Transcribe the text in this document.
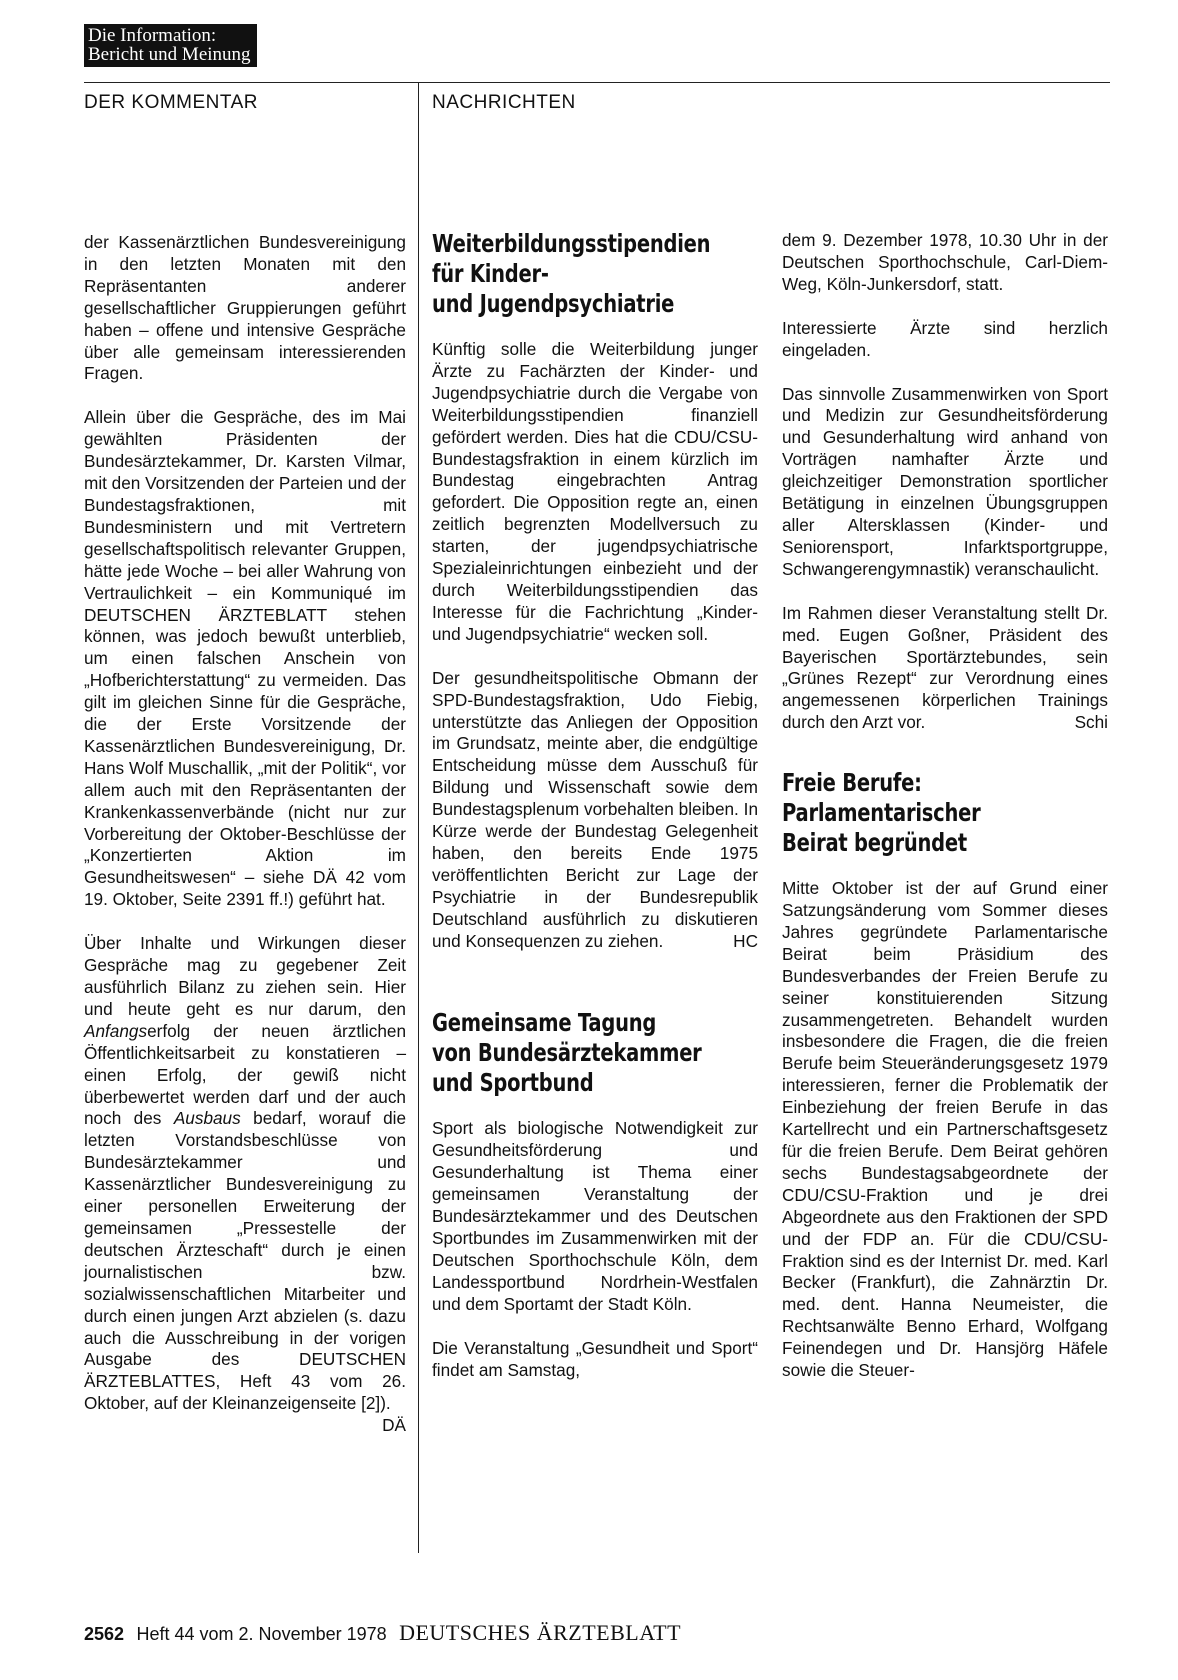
Die Information:
Bericht und Meinung
DER KOMMENTAR	NACHRICHTEN

der Kassenärztlichen Bundesvereinigung in den letzten Monaten mit den Repräsentanten anderer gesellschaftlicher Gruppierungen geführt haben – offene und intensive Gespräche über alle gemeinsam interessierenden Fragen.

Allein über die Gespräche, des im Mai gewählten Präsidenten der Bundesärztekammer, Dr. Karsten Vilmar, mit den Vorsitzenden der Parteien und der Bundestagsfraktionen, mit Bundesministern und mit Vertretern gesellschaftspolitisch relevanter Gruppen, hätte jede Woche – bei aller Wahrung von Vertraulichkeit – ein Kommuniqué im DEUTSCHEN ÄRZTEBLATT stehen können, was jedoch bewußt unterblieb, um einen falschen Anschein von „Hofberichterstattung“ zu vermeiden. Das gilt im gleichen Sinne für die Gespräche, die der Erste Vorsitzende der Kassenärztlichen Bundesvereinigung, Dr. Hans Wolf Muschallik, „mit der Politik“, vor allem auch mit den Repräsentanten der Krankenkassenverbände (nicht nur zur Vorbereitung der Oktober-Beschlüsse der „Konzertierten Aktion im Gesundheitswesen“ – siehe DÄ 42 vom 19. Oktober, Seite 2391 ff.!) geführt hat.

Über Inhalte und Wirkungen dieser Gespräche mag zu gegebener Zeit ausführlich Bilanz zu ziehen sein. Hier und heute geht es nur darum, den Anfangserfolg der neuen ärztlichen Öffentlichkeitsarbeit zu konstatieren – einen Erfolg, der gewiß nicht überbewertet werden darf und der auch noch des Ausbaus bedarf, worauf die letzten Vorstandsbeschlüsse von Bundesärztekammer und Kassenärztlicher Bundesvereinigung zu einer personellen Erweiterung der gemeinsamen „Pressestelle der deutschen Ärzteschaft“ durch je einen journalistischen bzw. sozialwissenschaftlichen Mitarbeiter und durch einen jungen Arzt abzielen (s. dazu auch die Ausschreibung in der vorigen Ausgabe des DEUTSCHEN ÄRZTEBLATTES, Heft 43 vom 26. Oktober, auf der Kleinanzeigenseite [2]).
DÄ

Weiterbildungsstipendien
für Kinder-
und Jugendpsychiatrie

Künftig solle die Weiterbildung junger Ärzte zu Fachärzten der Kinder- und Jugendpsychiatrie durch die Vergabe von Weiterbildungsstipendien finanziell gefördert werden. Dies hat die CDU/CSU-Bundestagsfraktion in einem kürzlich im Bundestag eingebrachten Antrag gefordert. Die Opposition regte an, einen zeitlich begrenzten Modellversuch zu starten, der jugendpsychiatrische Spezialeinrichtungen einbezieht und der durch Weiterbildungsstipendien das Interesse für die Fachrichtung „Kinder- und Jugendpsychiatrie“ wecken soll.

Der gesundheitspolitische Obmann der SPD-Bundestagsfraktion, Udo Fiebig, unterstützte das Anliegen der Opposition im Grundsatz, meinte aber, die endgültige Entscheidung müsse dem Ausschuß für Bildung und Wissenschaft sowie dem Bundestagsplenum vorbehalten bleiben. In Kürze werde der Bundestag Gelegenheit haben, den bereits Ende 1975 veröffentlichten Bericht zur Lage der Psychiatrie in der Bundesrepublik Deutschland ausführlich zu diskutieren und Konsequenzen zu ziehen.	HC

Gemeinsame Tagung
von Bundesärztekammer
und Sportbund

Sport als biologische Notwendigkeit zur Gesundheitsförderung und Gesunderhaltung ist Thema einer gemeinsamen Veranstaltung der Bundesärztekammer und des Deutschen Sportbundes im Zusammenwirken mit der Deutschen Sporthochschule Köln, dem Landessportbund Nordrhein-Westfalen und dem Sportamt der Stadt Köln.

Die Veranstaltung „Gesundheit und Sport“ findet am Samstag,

dem 9. Dezember 1978, 10.30 Uhr in der Deutschen Sporthochschule, Carl-Diem-Weg, Köln-Junkersdorf, statt.

Interessierte Ärzte sind herzlich eingeladen.

Das sinnvolle Zusammenwirken von Sport und Medizin zur Gesundheitsförderung und Gesunderhaltung wird anhand von Vorträgen namhafter Ärzte und gleichzeitiger Demonstration sportlicher Betätigung in einzelnen Übungsgruppen aller Altersklassen (Kinder- und Seniorensport, Infarktsportgruppe, Schwangerengymnastik) veranschaulicht.

Im Rahmen dieser Veranstaltung stellt Dr. med. Eugen Goßner, Präsident des Bayerischen Sportärztebundes, sein „Grünes Rezept“ zur Verordnung eines angemessenen körperlichen Trainings durch den Arzt vor.	Schi

Freie Berufe:
Parlamentarischer
Beirat begründet

Mitte Oktober ist der auf Grund einer Satzungsänderung vom Sommer dieses Jahres gegründete Parlamentarische Beirat beim Präsidium des Bundesverbandes der Freien Berufe zu seiner konstituierenden Sitzung zusammengetreten. Behandelt wurden insbesondere die Fragen, die die freien Berufe beim Steueränderungsgesetz 1979 interessieren, ferner die Problematik der Einbeziehung der freien Berufe in das Kartellrecht und ein Partnerschaftsgesetz für die freien Berufe. Dem Beirat gehören sechs Bundestagsabgeordnete der CDU/CSU-Fraktion und je drei Abgeordnete aus den Fraktionen der SPD und der FDP an. Für die CDU/CSU-Fraktion sind es der Internist Dr. med. Karl Becker (Frankfurt), die Zahnärztin Dr. med. dent. Hanna Neumeister, die Rechtsanwälte Benno Erhard, Wolfgang Feinendegen und Dr. Hansjörg Häfele sowie die Steuer-

2562 Heft 44 vom 2. November 1978 DEUTSCHES ÄRZTEBLATT
